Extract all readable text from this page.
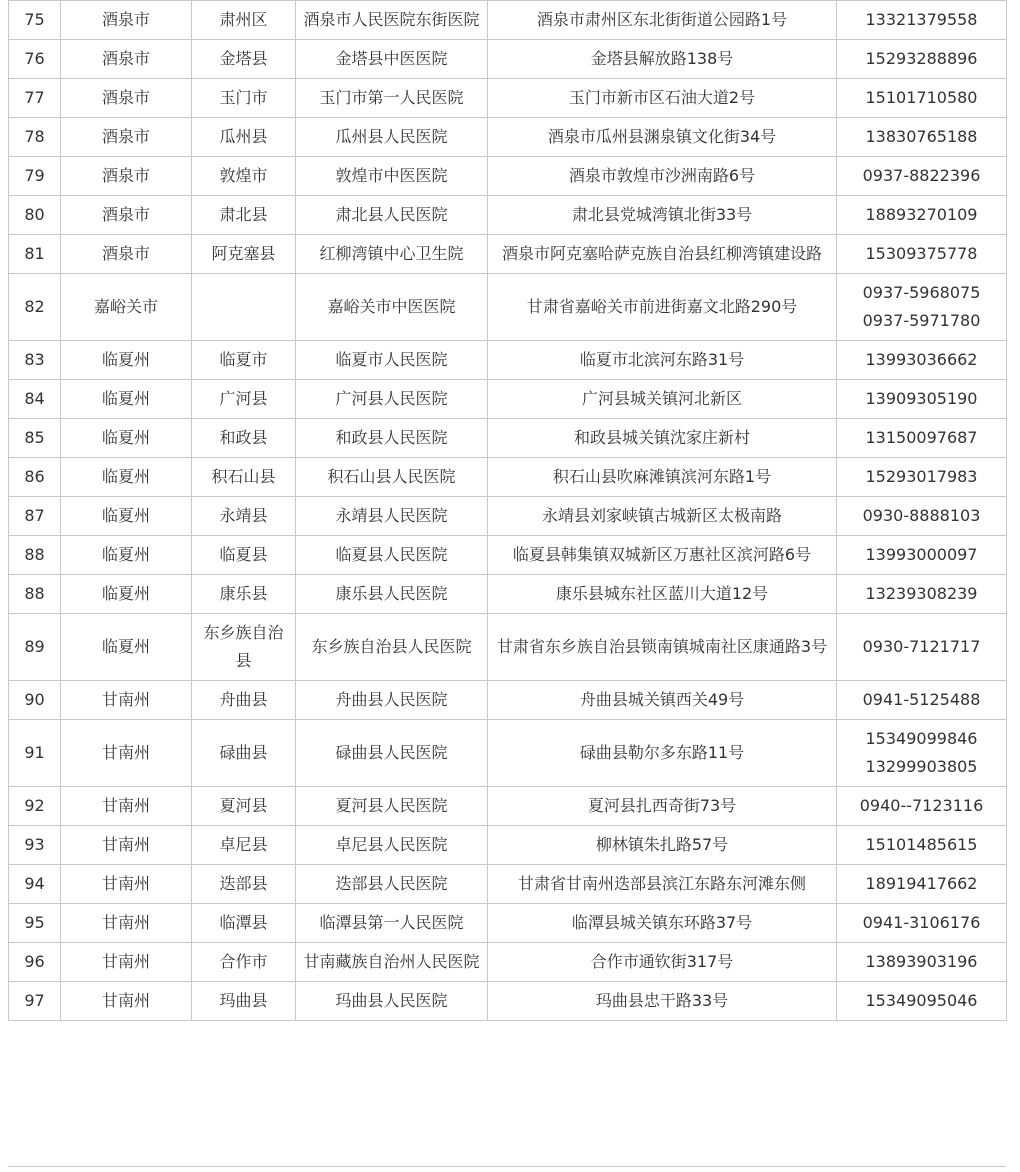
75	酒泉市	肃州区	酒泉市人民医院东街医院	酒泉市肃州区东北街街道公园路1号	13321379558

76	酒泉市	金塔县	金塔县中医医院	金塔县解放路138号	15293288896

77	酒泉市	玉门市	玉门市第一人民医院	玉门市新市区石油大道2号	15101710580

78	酒泉市	瓜州县	瓜州县人民医院	酒泉市瓜州县渊泉镇文化街34号	13830765188

79	酒泉市	敦煌市	敦煌市中医医院	酒泉市敦煌市沙洲南路6号	0937-8822396

80	酒泉市	肃北县	肃北县人民医院	肃北县党城湾镇北街33号	18893270109

81	酒泉市	阿克塞县	红柳湾镇中心卫生院	酒泉市阿克塞哈萨克族自治县红柳湾镇建设路	15309375778

82	嘉峪关市		嘉峪关市中医医院	甘肃省嘉峪关市前进街嘉文北路290号	0937-5968075
0937-5971780

83	临夏州	临夏市	临夏市人民医院	临夏市北滨河东路31号	13993036662

84	临夏州	广河县	广河县人民医院	广河县城关镇河北新区	13909305190

85	临夏州	和政县	和政县人民医院	和政县城关镇沈家庄新村	13150097687

86	临夏州	积石山县	积石山县人民医院	积石山县吹麻滩镇滨河东路1号	15293017983

87	临夏州	永靖县	永靖县人民医院	永靖县刘家峡镇古城新区太极南路	0930-8888103

88	临夏州	临夏县	临夏县人民医院	临夏县韩集镇双城新区万惠社区滨河路6号	13993000097

88	临夏州	康乐县	康乐县人民医院	康乐县城东社区蓝川大道12号	13239308239

89	临夏州	东乡族自治县	东乡族自治县人民医院	甘肃省东乡族自治县锁南镇城南社区康通路3号	0930-7121717

90	甘南州	舟曲县	舟曲县人民医院	舟曲县城关镇西关49号	0941-5125488

91	甘南州	碌曲县	碌曲县人民医院	碌曲县勒尔多东路11号	15349099846
13299903805

92	甘南州	夏河县	夏河县人民医院	夏河县扎西奇街73号	0940--7123116

93	甘南州	卓尼县	卓尼县人民医院	柳林镇朱扎路57号	15101485615

94	甘南州	迭部县	迭部县人民医院	甘肃省甘南州迭部县滨江东路东河滩东侧	18919417662

95	甘南州	临潭县	临潭县第一人民医院	临潭县城关镇东环路37号	0941-3106176

96	甘南州	合作市	甘南藏族自治州人民医院	合作市通钦街317号	13893903196

97	甘南州	玛曲县	玛曲县人民医院	玛曲县忠干路33号	15349095046
